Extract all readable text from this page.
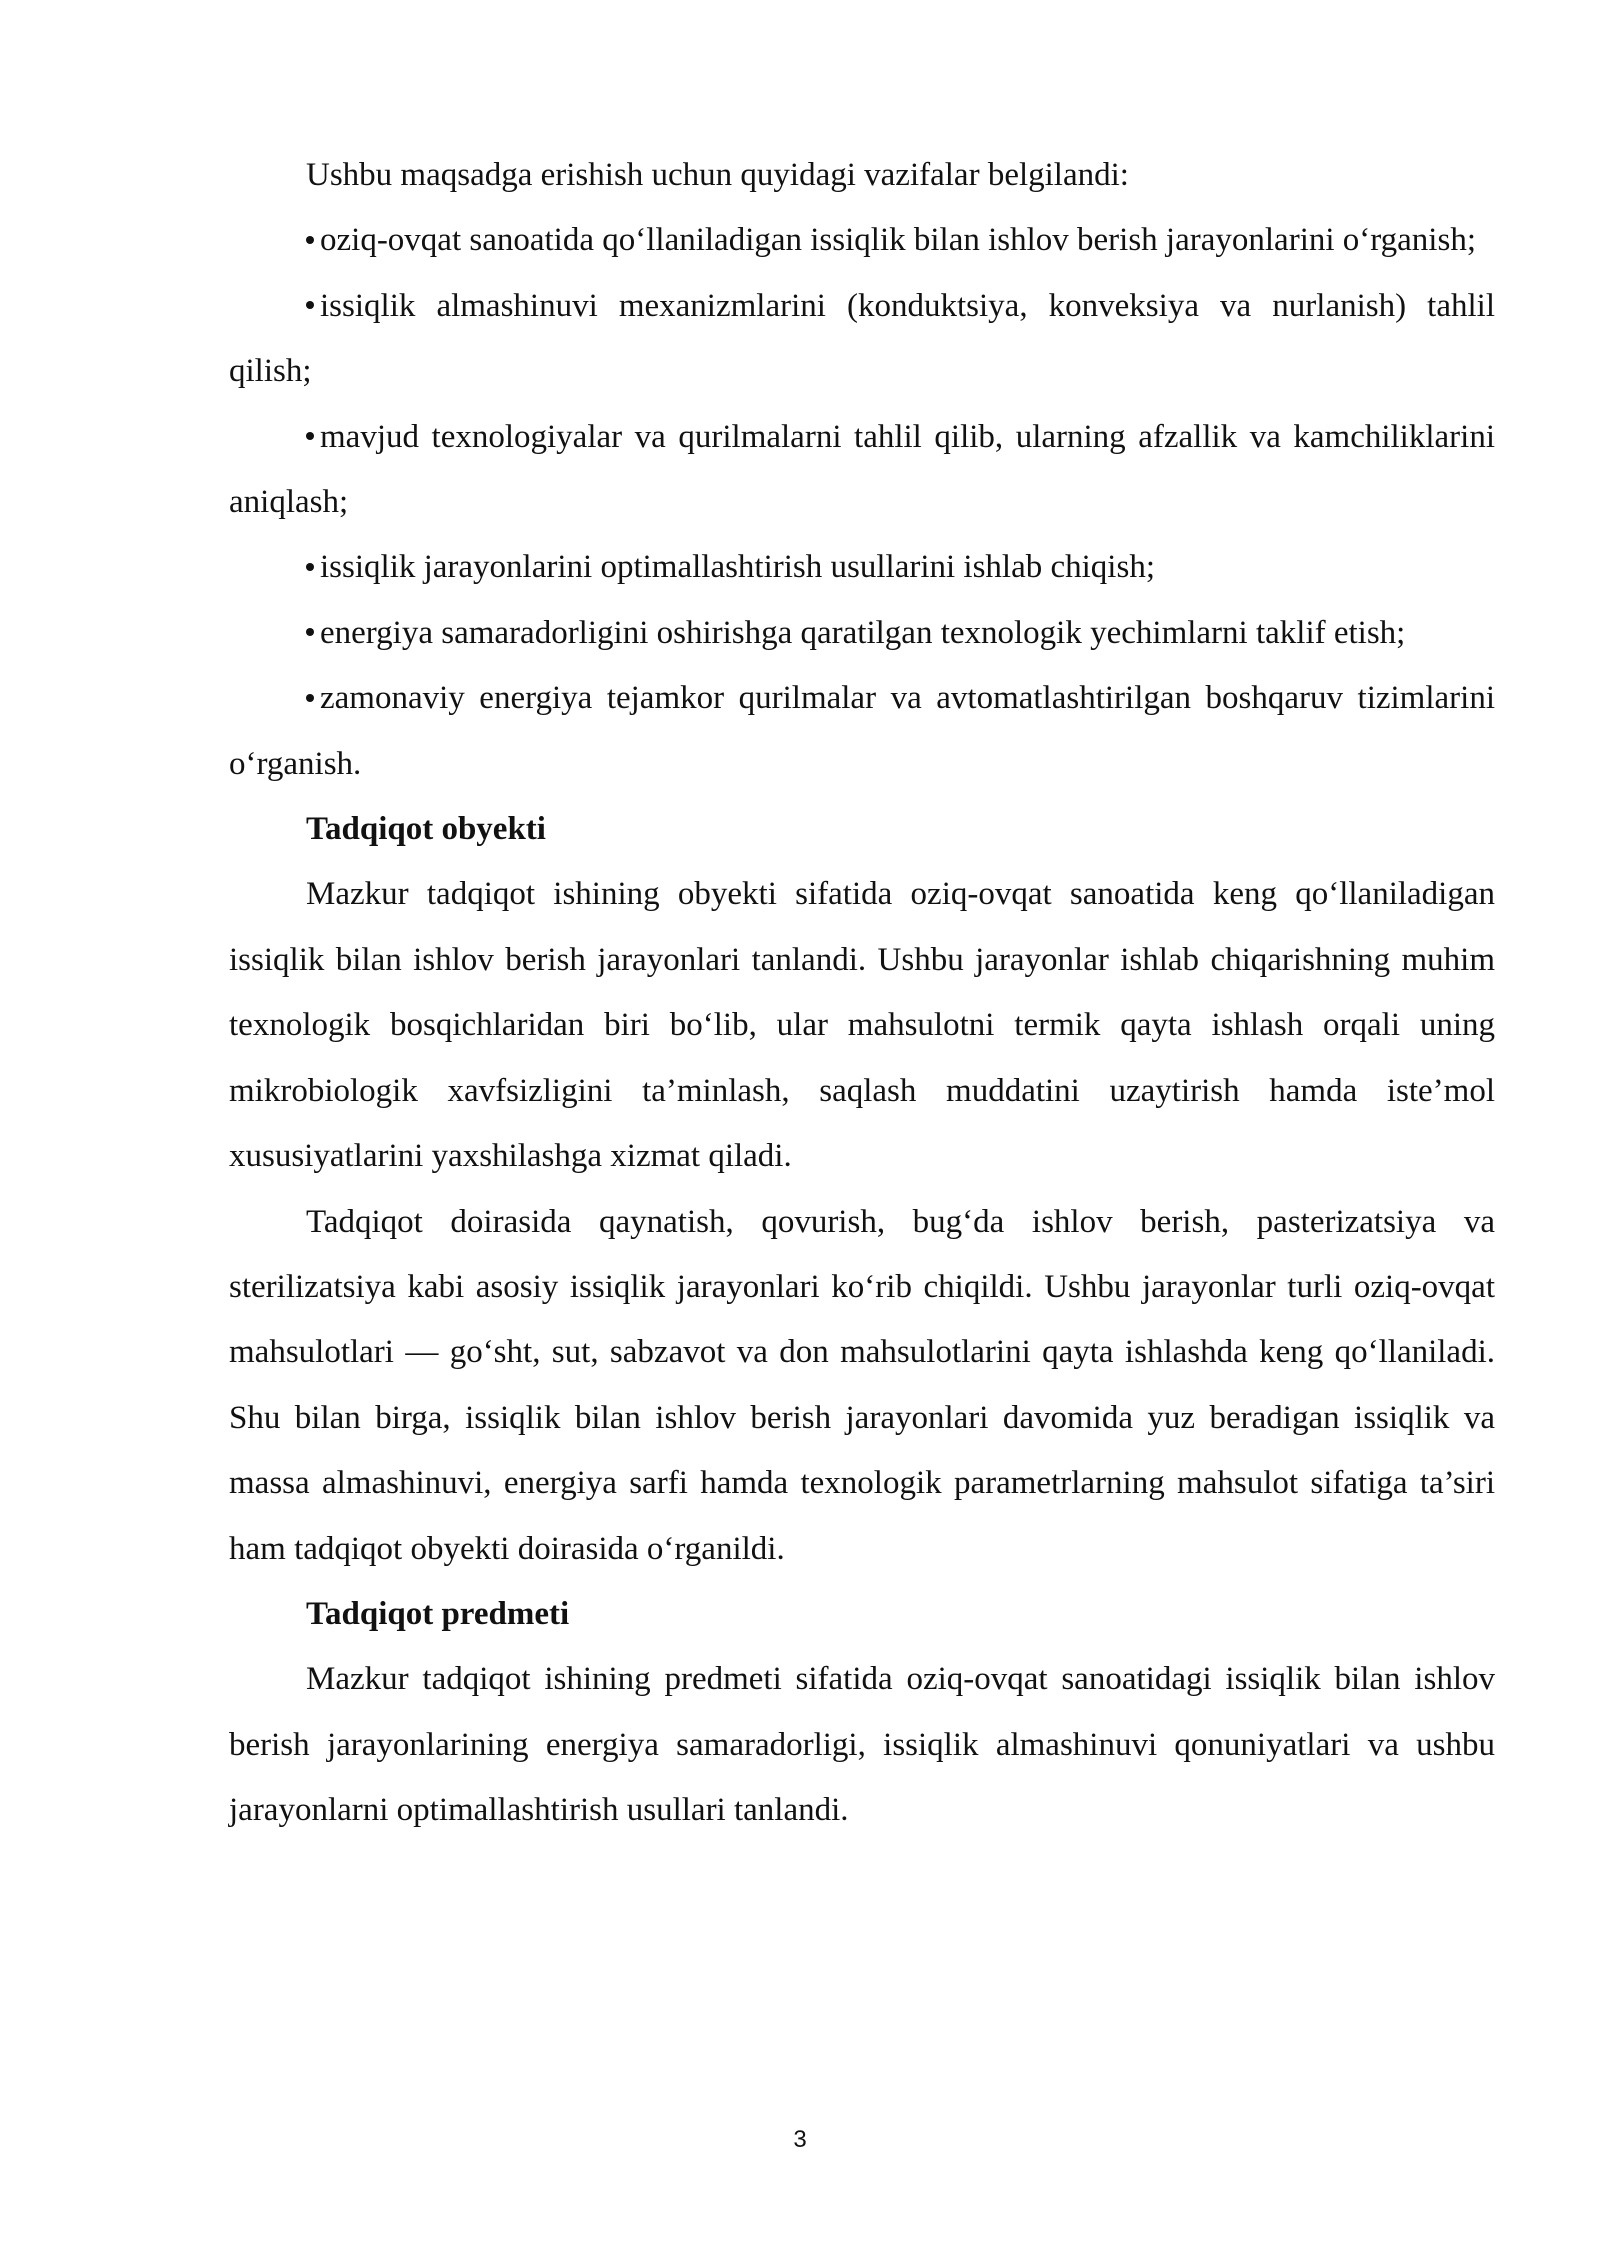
Ushbu maqsadga erishish uchun quyidagi vazifalar belgilandi:

oziq-ovqat sanoatida qo‘llaniladigan issiqlik bilan ishlov berish jarayonlarini o‘rganish;

issiqlik almashinuvi mexanizmlarini (konduktsiya, konveksiya va nurlanish) tahlil qilish;

mavjud texnologiyalar va qurilmalarni tahlil qilib, ularning afzallik va kamchiliklarini aniqlash;

issiqlik jarayonlarini optimallashtirish usullarini ishlab chiqish;

energiya samaradorligini oshirishga qaratilgan texnologik yechimlarni taklif etish;

zamonaviy energiya tejamkor qurilmalar va avtomatlashtirilgan boshqaruv tizimlarini o‘rganish.

Tadqiqot obyekti

Mazkur tadqiqot ishining obyekti sifatida oziq-ovqat sanoatida keng qo‘llaniladigan issiqlik bilan ishlov berish jarayonlari tanlandi. Ushbu jarayonlar ishlab chiqarishning muhim texnologik bosqichlaridan biri bo‘lib, ular mahsulotni termik qayta ishlash orqali uning mikrobiologik xavfsizligini ta’minlash, saqlash muddatini uzaytirish hamda iste’mol xususiyatlarini yaxshilashga xizmat qiladi.

Tadqiqot doirasida qaynatish, qovurish, bug‘da ishlov berish, pasterizatsiya va sterilizatsiya kabi asosiy issiqlik jarayonlari ko‘rib chiqildi. Ushbu jarayonlar turli oziq-ovqat mahsulotlari — go‘sht, sut, sabzavot va don mahsulotlarini qayta ishlashda keng qo‘llaniladi. Shu bilan birga, issiqlik bilan ishlov berish jarayonlari davomida yuz beradigan issiqlik va massa almashinuvi, energiya sarfi hamda texnologik parametrlarning mahsulot sifatiga ta’siri ham tadqiqot obyekti doirasida o‘rganildi.

Tadqiqot predmeti

Mazkur tadqiqot ishining predmeti sifatida oziq-ovqat sanoatidagi issiqlik bilan ishlov berish jarayonlarining energiya samaradorligi, issiqlik almashinuvi qonuniyatlari va ushbu jarayonlarni optimallashtirish usullari tanlandi.

3
